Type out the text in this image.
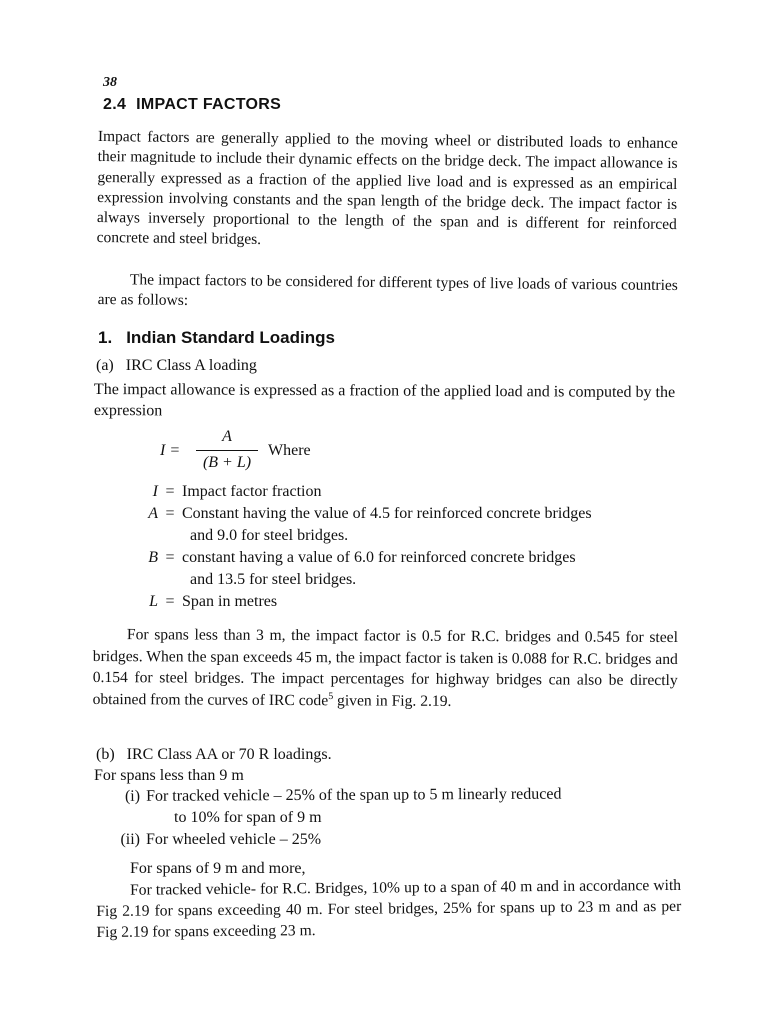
38
2.4 IMPACT FACTORS

Impact factors are generally applied to the moving wheel or distributed loads to enhance their magnitude to include their dynamic effects on the bridge deck. The impact allowance is generally expressed as a fraction of the applied live load and is expressed as an empirical expression involving constants and the span length of the bridge deck. The impact factor is always inversely proportional to the length of the span and is different for reinforced concrete and steel bridges.

The impact factors to be considered for different types of live loads of various countries are as follows:

1. Indian Standard Loadings
(a) IRC Class A loading

The impact allowance is expressed as a fraction of the applied load and is computed by the expression

I =
A
(B + L)
Where
I = Impact factor fraction
A = Constant having the value of 4.5 for reinforced concrete bridges
and 9.0 for steel bridges.
B = constant having a value of 6.0 for reinforced concrete bridges
and 13.5 for steel bridges.
L = Span in metres

For spans less than 3 m, the impact factor is 0.5 for R.C. bridges and 0.545 for steel bridges. When the span exceeds 45 m, the impact factor is taken is 0.088 for R.C. bridges and 0.154 for steel bridges. The impact percentages for highway bridges can also be directly obtained from the curves of IRC code$^5$ given in Fig. 2.19.

(b) IRC Class AA or 70 R loadings.
For spans less than 9 m
(i) For tracked vehicle – 25% of the span up to 5 m linearly reduced
to 10% for span of 9 m
(ii) For wheeled vehicle – 25%
For spans of 9 m and more,

For tracked vehicle- for R.C. Bridges, 10% up to a span of 40 m and in accordance with Fig 2.19 for spans exceeding 40 m. For steel bridges, 25% for spans up to 23 m and as per Fig 2.19 for spans exceeding 23 m.
